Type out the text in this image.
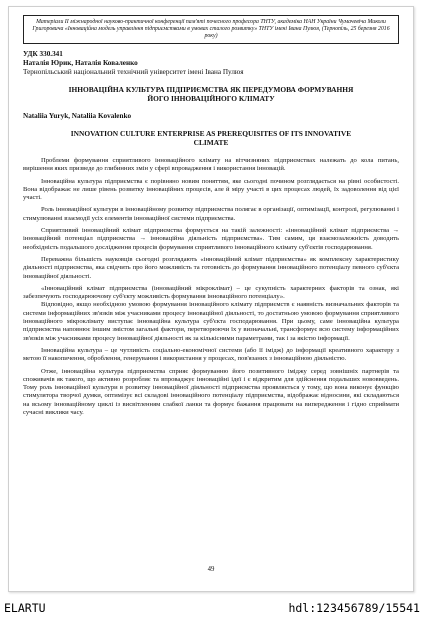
Матеріали ІІ міжнародної науково-практичної конференції пам'яті почесного професора ТНТУ, академіка НАН України Чумачевіча Миколи Григоровича «Інноваційна модель управління підприємствами в умовах сталого розвитку» ТНТУ імені Івана Пулюя, (Тернопіль, 25 березня 2016 року)
УДК 330.341
Наталія Юрик, Наталія Коваленко
Тернопільський національний технічний університет імені Івана Пулюя
ІННОВАЦІЙНА КУЛЬТУРА ПІДПРИЄМСТВА ЯК ПЕРЕДУМОВА ФОРМУВАННЯ ЙОГО ІННОВАЦІЙНОГО КЛІМАТУ
Nataliia Yuryk, Nataliia Kovalenko
INNOVATION CULTURE ENTERPRISE AS PREREQUISITES OF ITS INNOVATIVE CLIMATE

Проблеми формування сприятливого інноваційного клімату на вітчизняних підприємствах належать до кола питань, вирішення яких призведе до глибинних змін у сфері впровадження і використання інновацій.

Інноваційна культура підприємства є порівняно новим поняттям, яке сьогодні почином розглядається на рівні особистості. Вона відображає не лише рівень розвитку інноваційних процесів, але й міру участі в цих процесах людей, їх задоволення від цієї участі.

Роль інноваційної культури в інноваційному розвитку підприємства полягає в організації, оптимізації, контролі, регулюванні і стимулюванні взаємодії усіх елементів інноваційної системи підприємства.

Сприятливий інноваційний клімат підприємства формується на такій залежності: «інноваційний клімат підприємства → інноваційний потенціал підприємства → інноваційна діяльність підприємства». Тим самим, ця взаємозалежність доводить необхідність подальшого дослідження процесів формування сприятливого інноваційного клімату суб'єктів господарювання.

Переважна більшість науковців сьогодні розглядають «інноваційний клімат підприємства» як комплексну характеристику діяльності підприємства, яка свідчить про його можливість та готовність до формування інноваційного потенціалу певного суб'єкта інноваційної діяльності.

«Інноваційний клімат підприємства (інноваційний мікроклімат) – це сукупність характерних факторів та ознак, які забезпечують господарюючому суб'єкту можливість формування інноваційного потенціалу».

Відповідно, якщо необхідною умовою формування інноваційного клімату підприємств є наявність визначальних факторів та системи інформаційних зв'язків між учасниками процесу інноваційної діяльності, то достатньою умовою формування сприятливого інноваційного мікроклімату виступає інноваційна культура суб'єкта господарювання. При цьому, саме інноваційна культура підприємства наповнює іншим змістом загальні фактори, перетворюючи їх у визначальні, трансформує всю систему інформаційних зв'язків між учасниками процесу інноваційної діяльності як за кількісними параметрами, так і за якістю інформації.

Інноваційна культура – це чутливість соціально-економічної системи (або її імідж) до інформації креативного характеру з метою її накопичення, оброблення, генерування і використання у процесах, пов'язаних з інноваційною діяльністю.

Отже, інноваційна культура підприємства сприяє формуванню його позитивного іміджу серед зовнішніх партнерів та споживачів як такого, що активно розробляє та впроваджує інноваційні ідеї і є відкритим для здійснення подальших нововведень. Тому роль інноваційної культури в розвитку інноваційної діяльності підприємства проявляється у тому, що вона виконує функцію стимулятора творчої думки, оптимізує всі складові інноваційного потенціалу підприємства, відображає відносини, які складаються на всьому інноваційному циклі із висвітленням слабкої ланки та формує бажання працювати на випередження і гідно сприймати сучасні виклики часу.

49
ELARTU	hdl:123456789/15541
